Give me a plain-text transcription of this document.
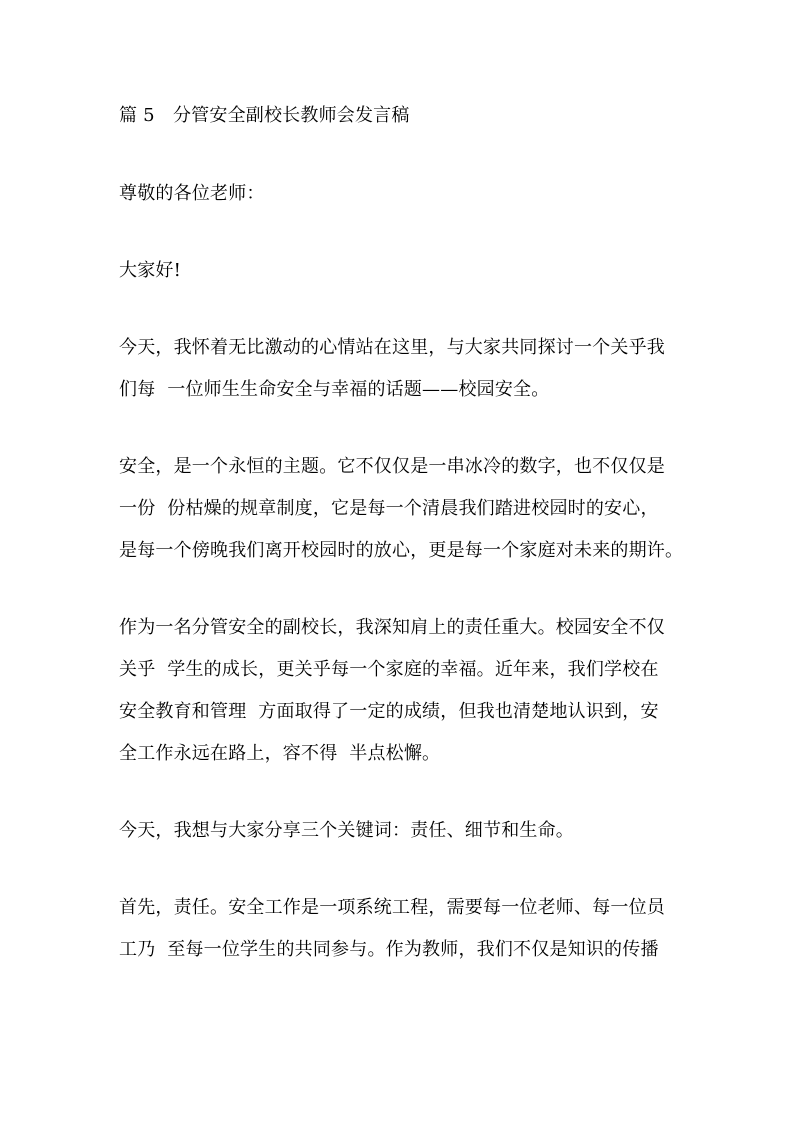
篇 5　分管安全副校长教师会发言稿
尊敬的各位老师：
大家好!
今天，我怀着无比激动的心情站在这里，与大家共同探讨一个关乎我
们每  一位师生生命安全与幸福的话题——校园安全。
安全，是一个永恒的主题。它不仅仅是一串冰冷的数字，也不仅仅是
一份  份枯燥的规章制度，它是每一个清晨我们踏进校园时的安心，
是每一个傍晚我们离开校园时的放心，更是每一个家庭对未来的期许。
作为一名分管安全的副校长，我深知肩上的责任重大。校园安全不仅
关乎  学生的成长，更关乎每一个家庭的幸福。近年来，我们学校在
安全教育和管理  方面取得了一定的成绩，但我也清楚地认识到，安
全工作永远在路上，容不得  半点松懈。
今天，我想与大家分享三个关键词：责任、细节和生命。
首先，责任。安全工作是一项系统工程，需要每一位老师、每一位员
工乃  至每一位学生的共同参与。作为教师，我们不仅是知识的传播
